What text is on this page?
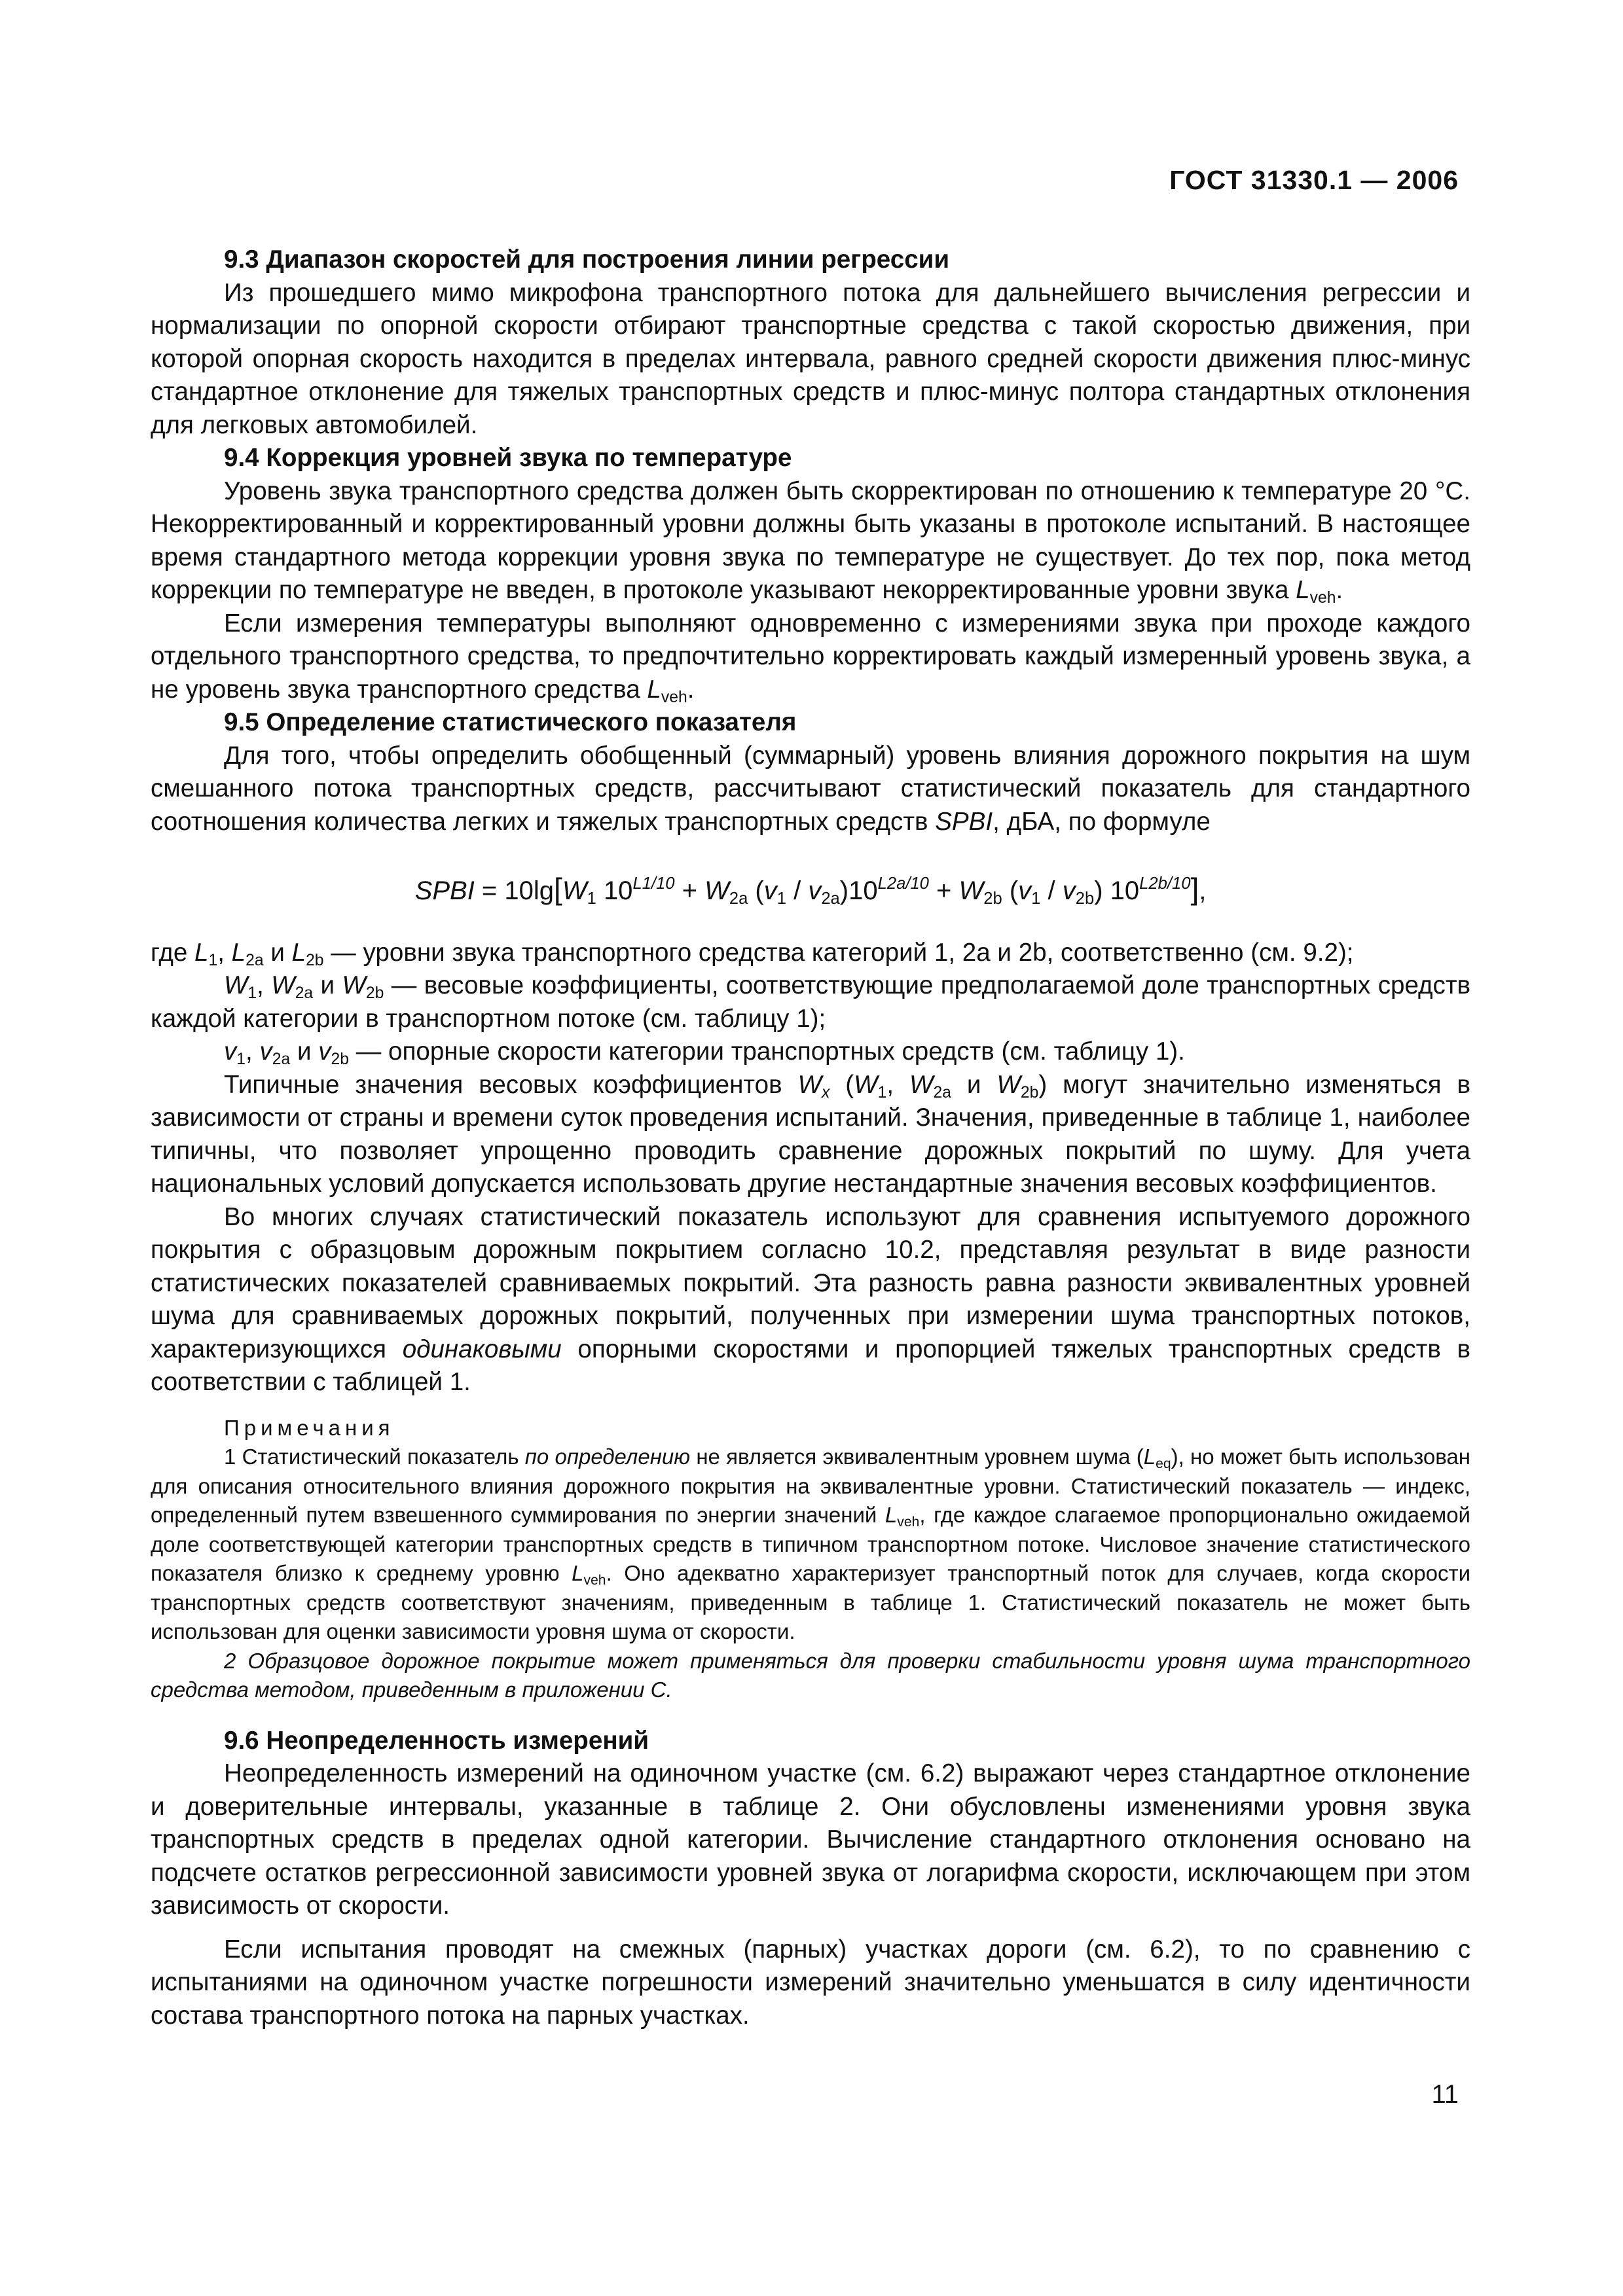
ГОСТ 31330.1 — 2006

9.3 Диапазон скоростей для построения линии регрессии

Из прошедшего мимо микрофона транспортного потока для дальнейшего вычисления регрессии и нормализации по опорной скорости отбирают транспортные средства с такой скоростью движения, при которой опорная скорость находится в пределах интервала, равного средней скорости движения плюс-минус стандартное отклонение для тяжелых транспортных средств и плюс-минус полтора стандартных отклонения для легковых автомобилей.

9.4 Коррекция уровней звука по температуре

Уровень звука транспортного средства должен быть скорректирован по отношению к температуре 20 °С. Некорректированный и корректированный уровни должны быть указаны в протоколе испытаний. В настоящее время стандартного метода коррекции уровня звука по температуре не существует. До тех пор, пока метод коррекции по температуре не введен, в протоколе указывают некорректированные уровни звука $L_{veh}$.

Если измерения температуры выполняют одновременно с измерениями звука при проходе каждого отдельного транспортного средства, то предпочтительно корректировать каждый измеренный уровень звука, а не уровень звука транспортного средства $L_{veh}$.

9.5 Определение статистического показателя

Для того, чтобы определить обобщенный (суммарный) уровень влияния дорожного покрытия на шум смешанного потока транспортных средств, рассчитывают статистический показатель для стандартного соотношения количества легких и тяжелых транспортных средств SPBI, дБА, по формуле

SPBI = $10\lg[W_1$ $10^{L1/10} + W_{2a}$ $(v_1 / v_{2a})10^{L2a/10} + W_{2b}$ $(v_1 / v_{2b})$ $10^{L2b/10}$],

где $L_1$, $L_{2a}$ и $L_{2b}$ — уровни звука транспортного средства категорий 1, 2a и 2b, соответственно (см. 9.2);

$W_1$, $W_{2a}$ и $W_{2b}$ — весовые коэффициенты, соответствующие предполагаемой доле транспортных средств каждой категории в транспортном потоке (см. таблицу 1);

$v_1$, $v_{2a}$ и $v_{2b}$ — опорные скорости категории транспортных средств (см. таблицу 1).

Типичные значения весовых коэффициентов $W_x$ ($W_1$, $W_{2a}$ и $W_{2b}$) могут значительно изменяться в зависимости от страны и времени суток проведения испытаний. Значения, приведенные в таблице 1, наиболее типичны, что позволяет упрощенно проводить сравнение дорожных покрытий по шуму. Для учета национальных условий допускается использовать другие нестандартные значения весовых коэффициентов.

Во многих случаях статистический показатель используют для сравнения испытуемого дорожного покрытия с образцовым дорожным покрытием согласно 10.2, представляя результат в виде разности статистических показателей сравниваемых покрытий. Эта разность равна разности эквивалентных уровней шума для сравниваемых дорожных покрытий, полученных при измерении шума транспортных потоков, характеризующихся одинаковыми опорными скоростями и пропорцией тяжелых транспортных средств в соответствии с таблицей 1.

Примечания

1 Статистический показатель по определению не является эквивалентным уровнем шума $(L_{eq})$, но может быть использован для описания относительного влияния дорожного покрытия на эквивалентные уровни. Статистический показатель — индекс, определенный путем взвешенного суммирования по энергии значений $L_{veh}$, где каждое слагаемое пропорционально ожидаемой доле соответствующей категории транспортных средств в типичном транспортном потоке. Числовое значение статистического показателя близко к среднему уровню $L_{veh}$. Оно адекватно характеризует транспортный поток для случаев, когда скорости транспортных средств соответствуют значениям, приведенным в таблице 1. Статистический показатель не может быть использован для оценки зависимости уровня шума от скорости.

2 Образцовое дорожное покрытие может применяться для проверки стабильности уровня шума транспортного средства методом, приведенным в приложении С.

9.6 Неопределенность измерений

Неопределенность измерений на одиночном участке (см. 6.2) выражают через стандартное отклонение и доверительные интервалы, указанные в таблице 2. Они обусловлены изменениями уровня звука транспортных средств в пределах одной категории. Вычисление стандартного отклонения основано на подсчете остатков регрессионной зависимости уровней звука от логарифма скорости, исключающем при этом зависимость от скорости.

Если испытания проводят на смежных (парных) участках дороги (см. 6.2), то по сравнению с испытаниями на одиночном участке погрешности измерений значительно уменьшатся в силу идентичности состава транспортного потока на парных участках.

11
